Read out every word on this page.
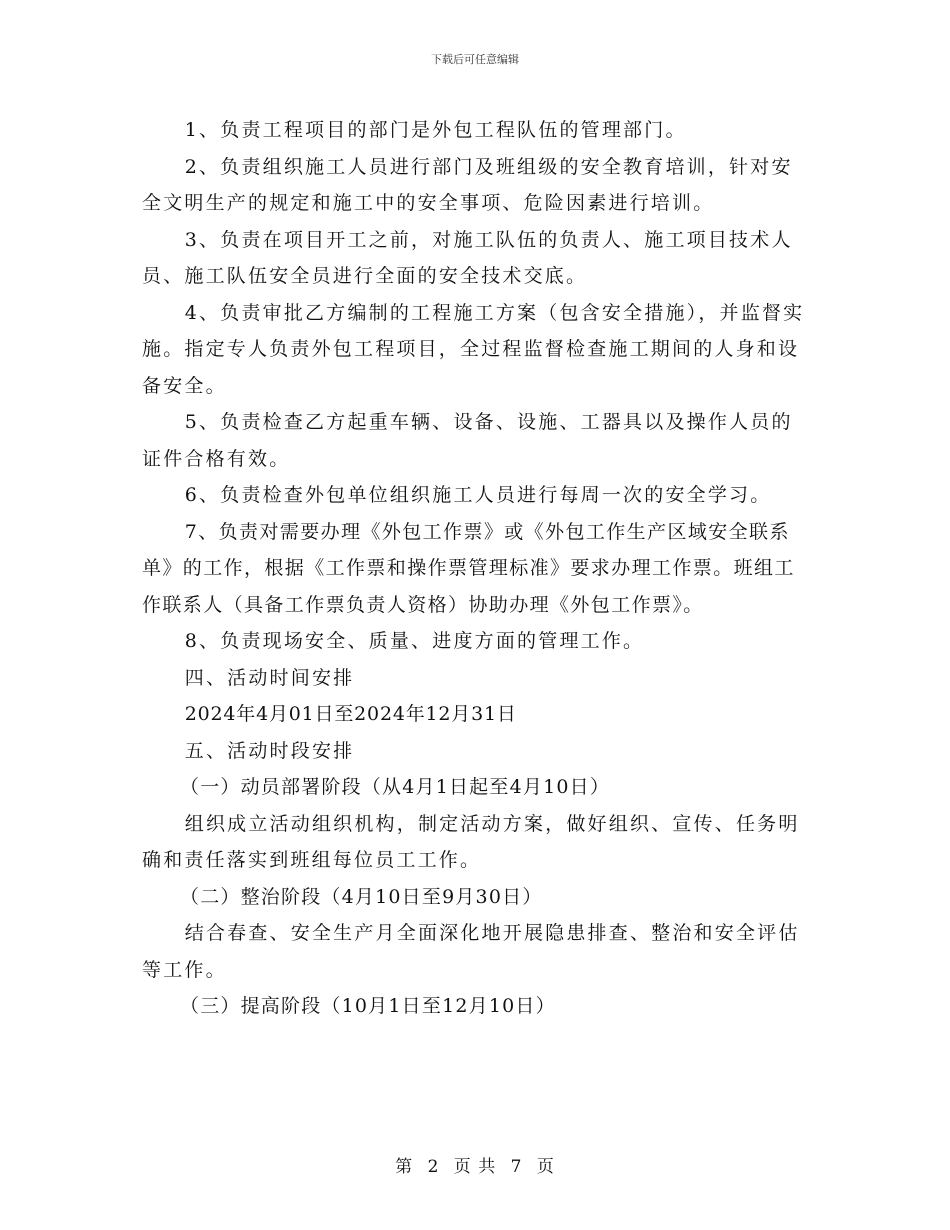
下载后可任意编辑

1、负责工程项目的部门是外包工程队伍的管理部门。

2、负责组织施工人员进行部门及班组级的安全教育培训，针对安全文明生产的规定和施工中的安全事项、危险因素进行培训。

3、负责在项目开工之前，对施工队伍的负责人、施工项目技术人员、施工队伍安全员进行全面的安全技术交底。

4、负责审批乙方编制的工程施工方案（包含安全措施），并监督实施。指定专人负责外包工程项目，全过程监督检查施工期间的人身和设备安全。

5、负责检查乙方起重车辆、设备、设施、工器具以及操作人员的证件合格有效。

6、负责检查外包单位组织施工人员进行每周一次的安全学习。

7、负责对需要办理《外包工作票》或《外包工作生产区域安全联系单》的工作，根据《工作票和操作票管理标准》要求办理工作票。班组工作联系人（具备工作票负责人资格）协助办理《外包工作票》。

8、负责现场安全、质量、进度方面的管理工作。

四、活动时间安排

2024年4月01日至2024年12月31日

五、活动时段安排

（一）动员部署阶段（从4月1日起至4月10日）

组织成立活动组织机构，制定活动方案，做好组织、宣传、任务明确和责任落实到班组每位员工工作。

（二）整治阶段（4月10日至9月30日）

结合春查、安全生产月全面深化地开展隐患排查、整治和安全评估等工作。

（三）提高阶段（10月1日至12月10日）

第 2 页 共 7 页
